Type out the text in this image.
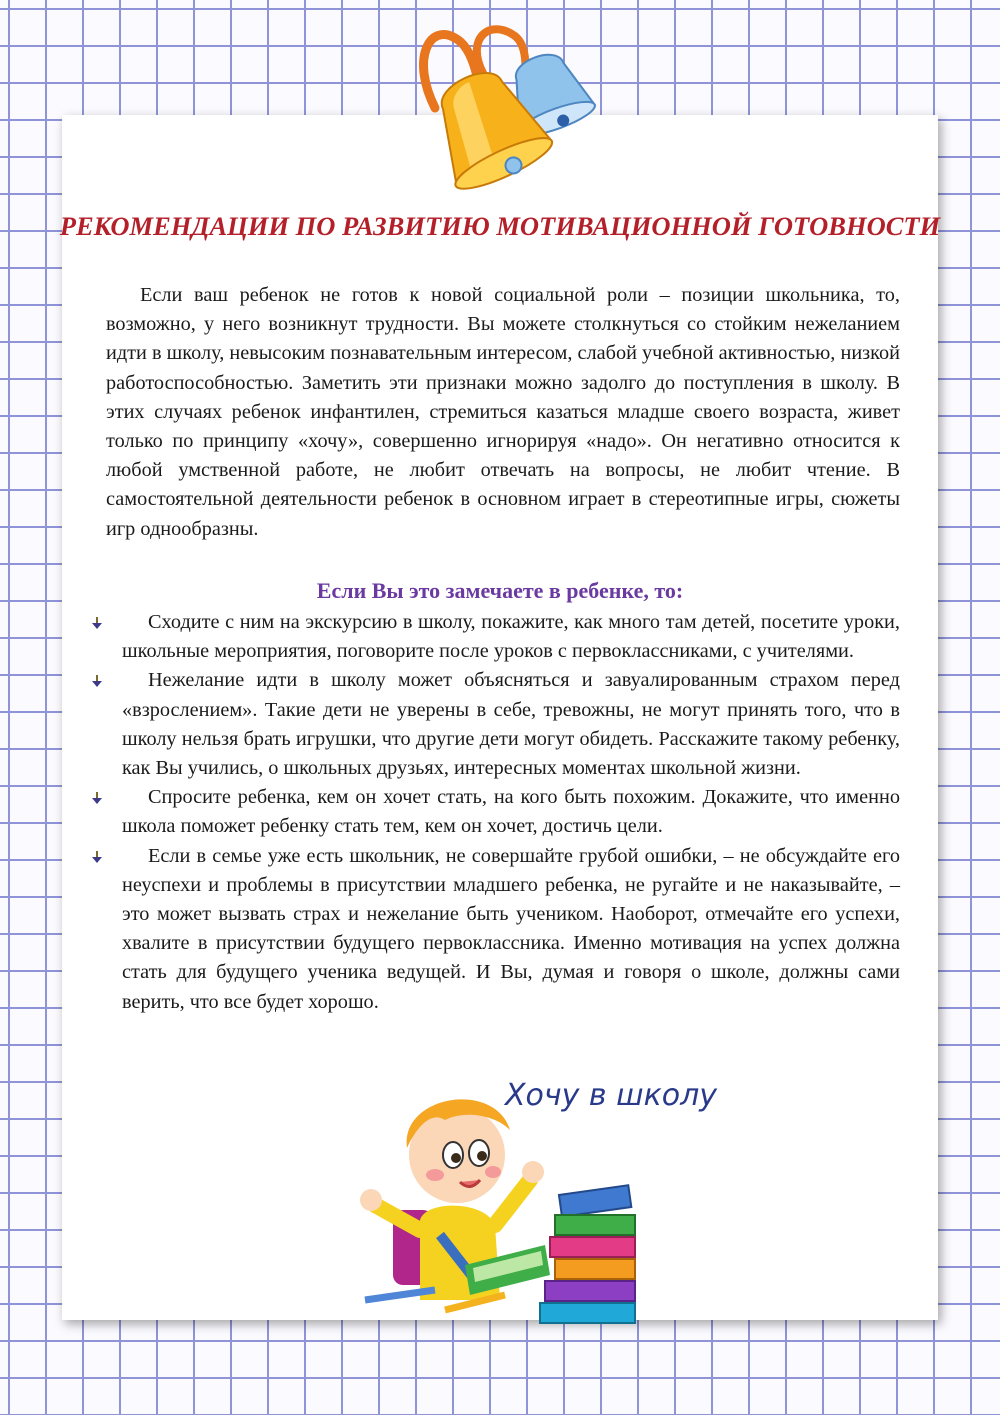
РЕКОМЕНДАЦИИ ПО РАЗВИТИЮ МОТИВАЦИОННОЙ ГОТОВНОСТИ

Если ваш ребенок не готов к новой социальной роли – позиции школьника, то, возможно, у него возникнут трудности. Вы можете столкнуться со стойким нежеланием идти в школу, невысоким познавательным интересом, слабой учебной активностью, низкой работоспособностью. Заметить эти признаки можно задолго до поступления в школу. В этих случаях ребенок инфантилен, стремиться казаться младше своего возраста, живет только по принципу «хочу», совершенно игнорируя «надо». Он негативно относится к любой умственной работе, не любит отвечать на вопросы, не любит чтение. В самостоятельной деятельности ребенок в основном играет в стереотипные игры, сюжеты игр однообразны.

Если Вы это замечаете в ребенке, то:

Сходите с ним на экскурсию в школу, покажите, как много там детей, посетите уроки, школьные мероприятия, поговорите после уроков с первоклассниками, с учителями.

Нежелание идти в школу может объясняться и завуалированным страхом перед «взрослением». Такие дети не уверены в себе, тревожны, не могут принять того, что в школу нельзя брать игрушки, что другие дети могут обидеть. Расскажите такому ребенку, как Вы учились, о школьных друзьях, интересных моментах школьной жизни.

Спросите ребенка, кем он хочет стать, на кого быть похожим. Докажите, что именно школа поможет ребенку стать тем, кем он хочет, достичь цели.

Если в семье уже есть школьник, не совершайте грубой ошибки, – не обсуждайте его неуспехи и проблемы в присутствии младшего ребенка, не ругайте и не наказывайте, – это может вызвать страх и нежелание быть учеником. Наоборот, отмечайте его успехи, хвалите в присутствии будущего первоклассника. Именно мотивация на успех должна стать для будущего ученика ведущей. И Вы, думая и говоря о школе, должны сами верить, что все будет хорошо.

Хочу в школу
